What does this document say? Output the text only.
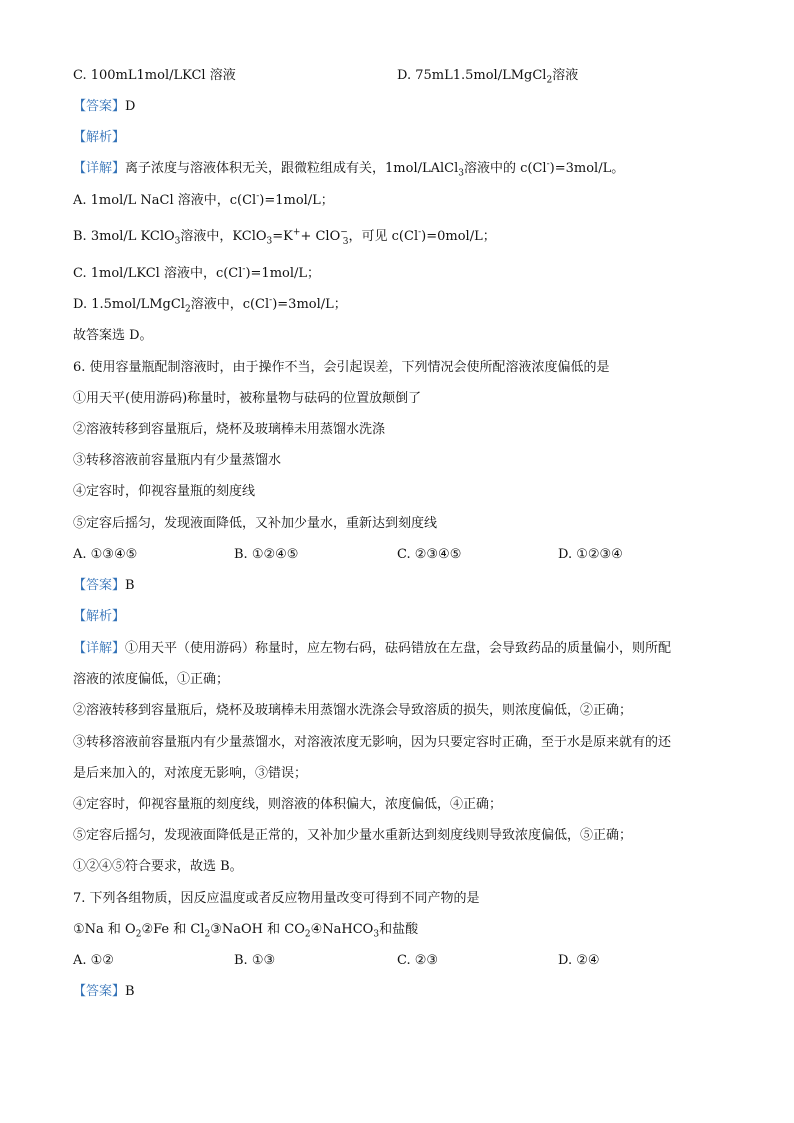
C. 100mL1mol/LKCl 溶液	D. 75mL1.5mol/LMgCl$_2$溶液
【答案】D
【解析】
【详解】离子浓度与溶液体积无关，跟微粒组成有关，1mol/LAlCl$_3$溶液中的 c(Cl-)=3mol/L。
A. 1mol/L NaCl 溶液中，c(Cl-)=1mol/L；
B. 3mol/L KClO$_3$溶液中，KClO$_3$=K++ ClO−$_3$，可见 c(Cl-)=0mol/L；
C. 1mol/LKCl 溶液中，c(Cl-)=1mol/L；
D. 1.5mol/LMgCl$_2$溶液中，c(Cl-)=3mol/L；
故答案选 D。
6. 使用容量瓶配制溶液时，由于操作不当，会引起误差，下列情况会使所配溶液浓度偏低的是
①用天平(使用游码)称量时，被称量物与砝码的位置放颠倒了
②溶液转移到容量瓶后，烧杯及玻璃棒未用蒸馏水洗涤
③转移溶液前容量瓶内有少量蒸馏水
④定容时，仰视容量瓶的刻度线
⑤定容后摇匀，发现液面降低，又补加少量水，重新达到刻度线
A. ①③④⑤	B. ①②④⑤	C. ②③④⑤	D. ①②③④
【答案】B
【解析】
【详解】①用天平（使用游码）称量时，应左物右码，砝码错放在左盘，会导致药品的质量偏小，则所配
溶液的浓度偏低，①正确；
②溶液转移到容量瓶后，烧杯及玻璃棒未用蒸馏水洗涤会导致溶质的损失，则浓度偏低，②正确；
③转移溶液前容量瓶内有少量蒸馏水，对溶液浓度无影响，因为只要定容时正确，至于水是原来就有的还
是后来加入的，对浓度无影响，③错误；
④定容时，仰视容量瓶的刻度线，则溶液的体积偏大，浓度偏低，④正确；
⑤定容后摇匀，发现液面降低是正常的，又补加少量水重新达到刻度线则导致浓度偏低，⑤正确；
①②④⑤符合要求，故选 B。
7. 下列各组物质，因反应温度或者反应物用量改变可得到不同产物的是
①Na 和 $O_2②Fe$ 和 $Cl_2③NaOH$ 和 $CO_2④NaHCO_3$和盐酸
A. ①②	B. ①③	C. ②③	D. ②④
【答案】B
